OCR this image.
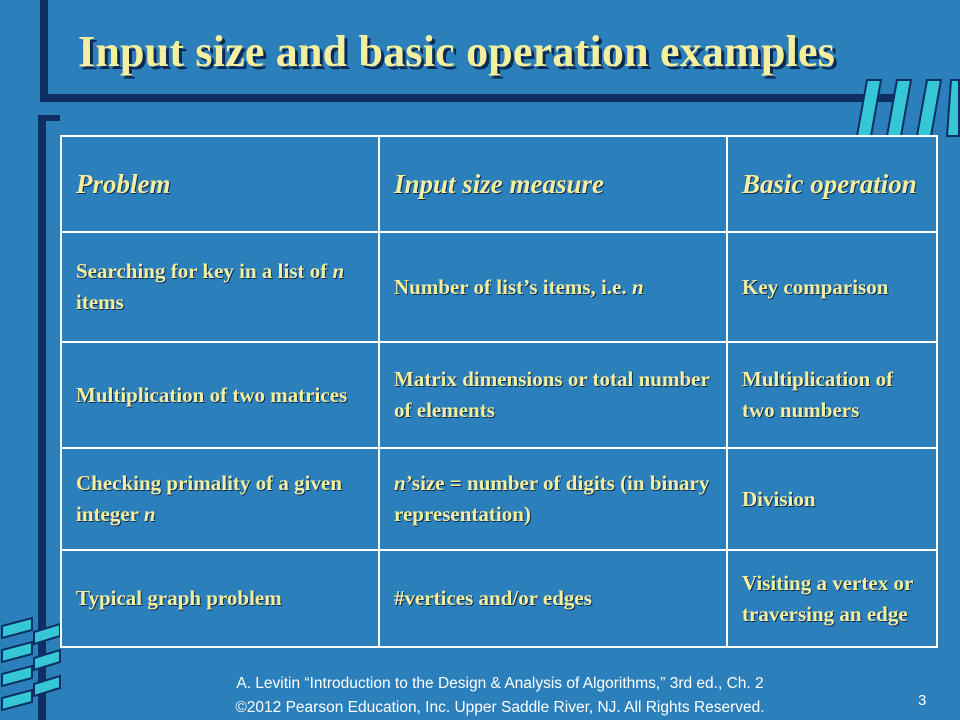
Input size and basic operation examples
Problem	Input size measure	Basic operation
Searching for key in a list of n items	Number of list’s items, i.e. n	Key comparison
Multiplication of two matrices	Matrix dimensions or total number of elements	Multiplication of two numbers
Checking primality of a given integer n	n’size = number of digits (in binary representation)	Division
Typical graph problem	#vertices and/or edges	Visiting a vertex or traversing an edge
A. Levitin “Introduction to the Design & Analysis of Algorithms,” 3rd ed., Ch. 2
©2012 Pearson Education, Inc. Upper Saddle River, NJ. All Rights Reserved.	3
